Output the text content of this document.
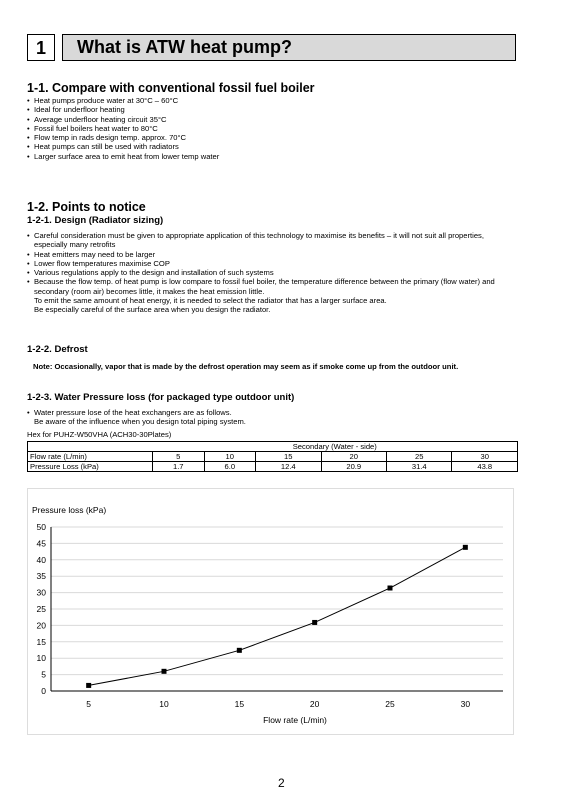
1	What is ATW heat pump?
1-1. Compare with conventional fossil fuel boiler
• Heat pumps produce water at 30°C – 60°C
• Ideal for underfloor heating
• Average underfloor heating circuit 35°C
• Fossil fuel boilers heat water to 80°C
• Flow temp in rads design temp. approx. 70°C
• Heat pumps can still be used with radiators
• Larger surface area to emit heat from lower temp water
1-2. Points to notice
1-2-1. Design (Radiator sizing)
• Careful consideration must be given to appropriate application of this technology to maximise its benefits – it will not suit all properties, especially many retrofits
• Heat emitters may need to be larger
• Lower flow temperatures maximise COP
• Various regulations apply to the design and installation of such systems
• Because the flow temp. of heat pump is low compare to fossil fuel boiler, the temperature difference between the primary (flow water) and secondary (room air) becomes little, it makes the heat emission little.
To emit the same amount of heat energy, it is needed to select the radiator that has a larger surface area.
Be especially careful of the surface area when you design the radiator.
1-2-2. Defrost
Note: Occasionally, vapor that is made by the defrost operation may seem as if smoke come up from the outdoor unit.
1-2-3. Water Pressure loss (for packaged type outdoor unit)
• Water pressure lose of the heat exchangers are as follows.
Be aware of the influence when you design total piping system.
Hex for PUHZ-W50VHA (ACH30-30Plates)
	Secondary (Water - side)					
Flow rate (L/min)	5	10	15	20	25	30
Pressure Loss (kPa)	1.7	6.0	12.4	20.9	31.4	43.8
Pressure loss (kPa)
Flow rate (L/min)
0
5
10
15
20
25
30
35
40
45
50
5	10	15	20	25	30
2
